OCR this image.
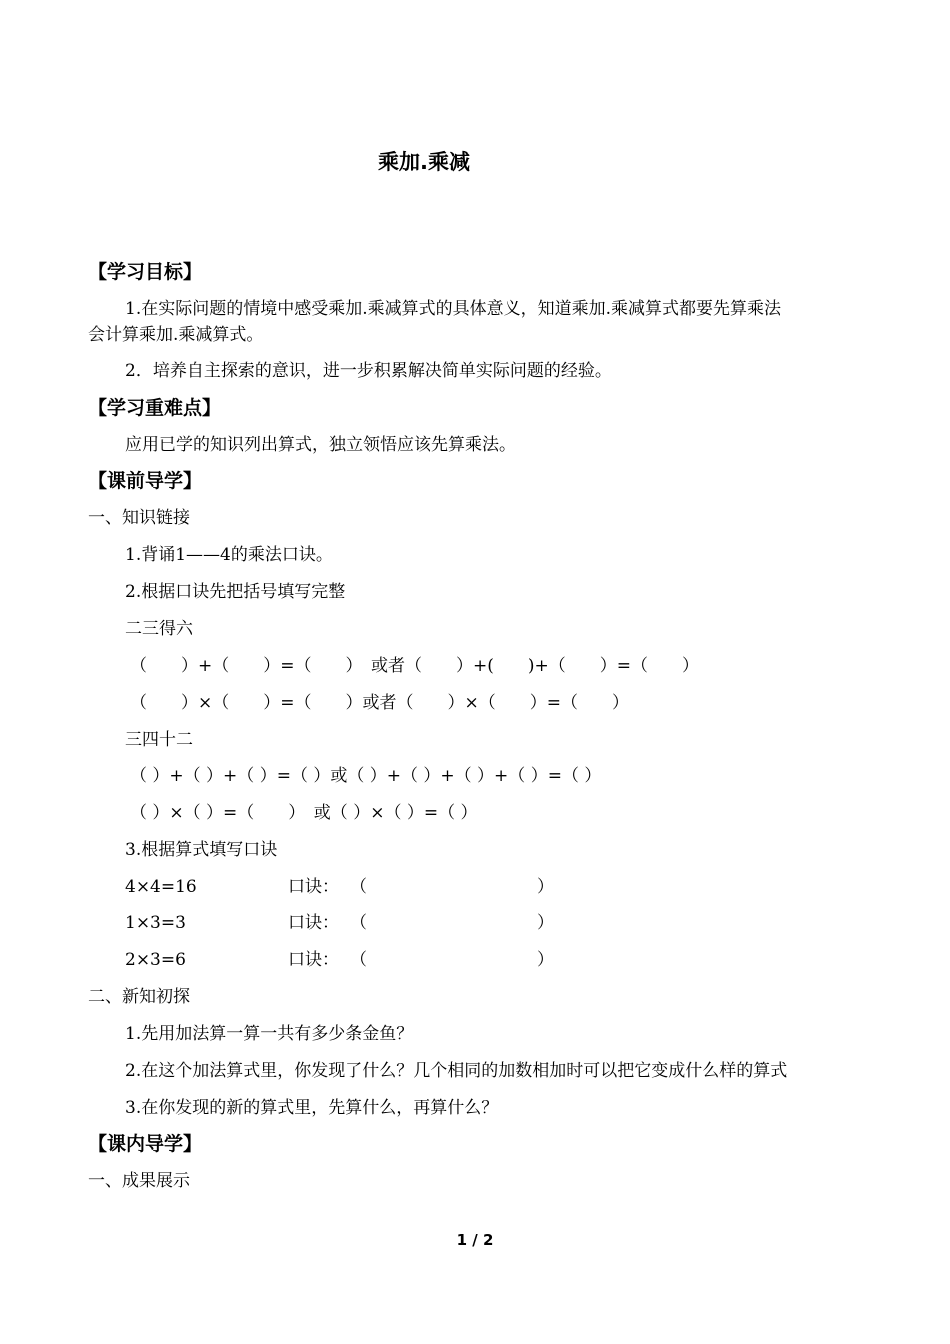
乘加.乘减
【学习目标】
1.在实际问题的情境中感受乘加.乘减算式的具体意义，知道乘加.乘减算式都要先算乘法
会计算乘加.乘减算式。
2．培养自主探索的意识，进一步积累解决简单实际问题的经验。
【学习重难点】
应用已学的知识列出算式，独立领悟应该先算乘法。
【课前导学】
一、知识链接
1.背诵1——4的乘法口诀。
2.根据口诀先把括号填写完整
二三得六
（　　）+（　　）=（　　）　或者（　　）+(　　)+（　　）=（　　）
（　　）×（　　）=（　　）或者（　　）×（　　）=（　　）
三四十二
（ ）+（ ）+（ ）=（ ）或（ ）+（ ）+（ ）+（ ）=（ ）
（ ）×（ ）=（　　）　或（ ）×（ ）=（ ）
3.根据算式填写口诀
4×4=16	口诀： （　　　　　　　　　　）
1×3=3	口诀： （　　　　　　　　　　）
2×3=6	口诀： （　　　　　　　　　　）
二、新知初探
1.先用加法算一算一共有多少条金鱼？
2.在这个加法算式里，你发现了什么？几个相同的加数相加时可以把它变成什么样的算式
3.在你发现的新的算式里，先算什么，再算什么？
【课内导学】
一、成果展示
1 / 2
